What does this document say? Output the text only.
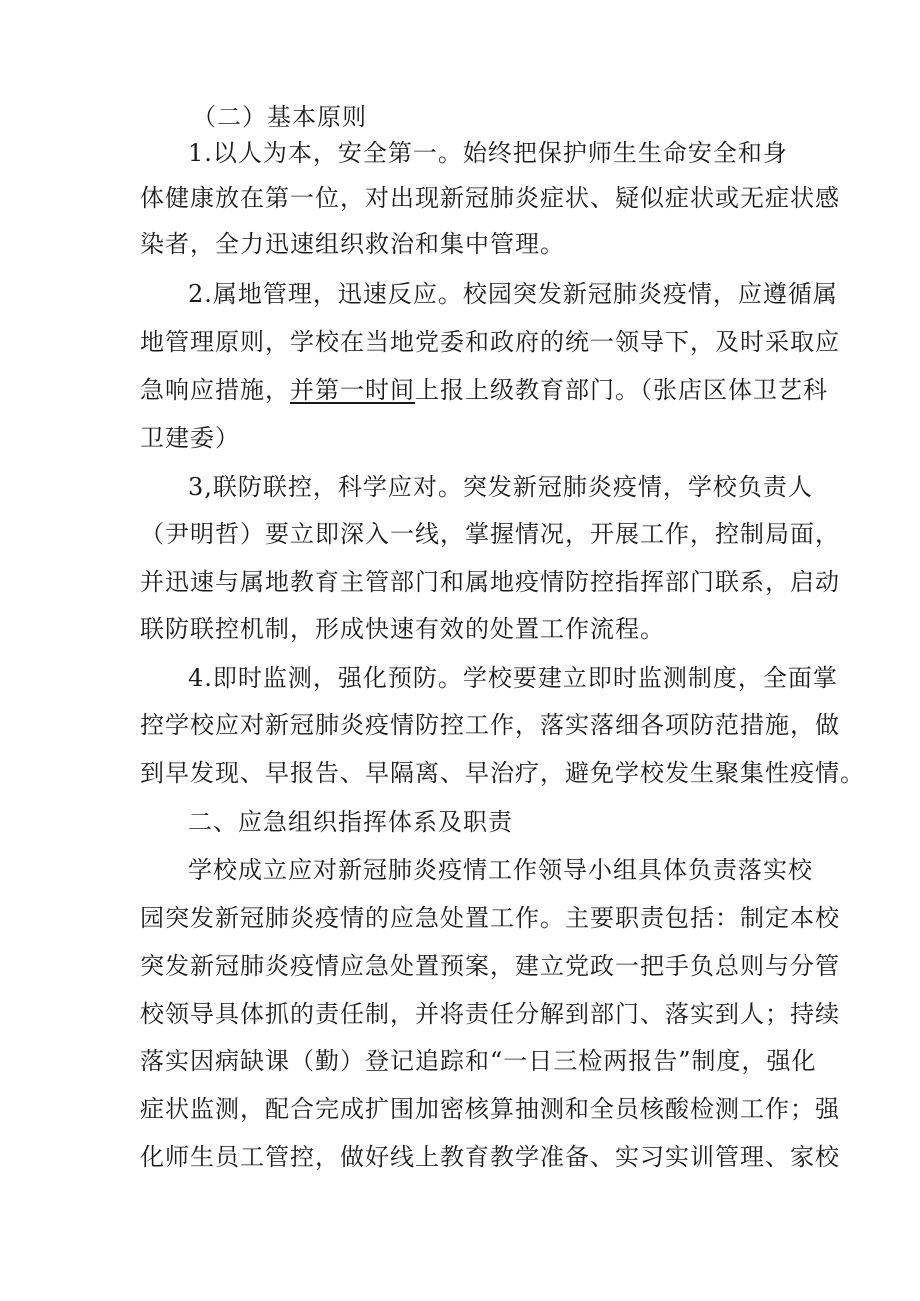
（二）基本原则
1.以人为本，安全第一。始终把保护师生生命安全和身
体健康放在第一位，对出现新冠肺炎症状、疑似症状或无症状感
染者，全力迅速组织救治和集中管理。
2.属地管理，迅速反应。校园突发新冠肺炎疫情，应遵循属
地管理原则，学校在当地党委和政府的统一领导下，及时采取应
急响应措施，并第一时间上报上级教育部门。（张店区体卫艺科
卫建委）
3,联防联控，科学应对。突发新冠肺炎疫情，学校负责人
（尹明哲）要立即深入一线，掌握情况，开展工作，控制局面，
并迅速与属地教育主管部门和属地疫情防控指挥部门联系，启动
联防联控机制，形成快速有效的处置工作流程。
4.即时监测，强化预防。学校要建立即时监测制度，全面掌
控学校应对新冠肺炎疫情防控工作，落实落细各项防范措施，做
到早发现、早报告、早隔离、早治疗，避免学校发生聚集性疫情。
二、应急组织指挥体系及职责
学校成立应对新冠肺炎疫情工作领导小组具体负责落实校
园突发新冠肺炎疫情的应急处置工作。主要职责包括：制定本校
突发新冠肺炎疫情应急处置预案，建立党政一把手负总则与分管
校领导具体抓的责任制，并将责任分解到部门、落实到人；持续
落实因病缺课（勤）登记追踪和“一日三检两报告”制度，强化
症状监测，配合完成扩围加密核算抽测和全员核酸检测工作；强
化师生员工管控，做好线上教育教学准备、实习实训管理、家校
